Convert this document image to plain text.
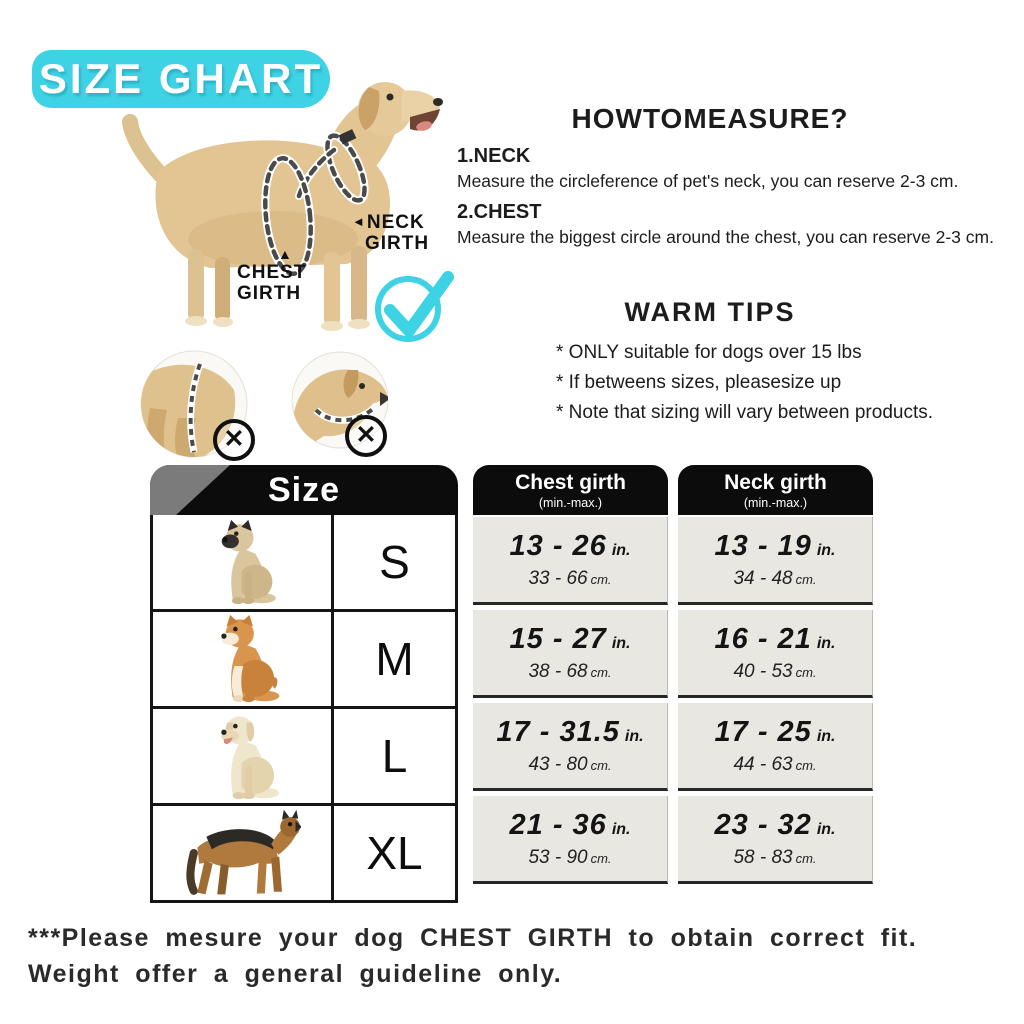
SIZE GHART
◄NECK
GIRTH
▲
CHEST
GIRTH
✕	✕
HOWTOMEASURE?
1.NECK
Measure the circleference of pet's neck, you can reserve 2-3 cm.
2.CHEST
Measure the biggest circle around the chest, you can reserve 2-3 cm.
WARM TIPS
* ONLY suitable for dogs over 15 lbs
* If betweens sizes, pleasesize up
* Note that sizing will vary between products.
Size
S
M
L
XL
Chest girth
(min.-max.)
13 - 26 in.
33 - 66 cm.
15 - 27 in.
38 - 68 cm.
17 - 31.5 in.
43 - 80 cm.
21 - 36 in.
53 - 90 cm.
Neck girth
(min.-max.)
13 - 19 in.
34 - 48 cm.
16 - 21 in.
40 - 53 cm.
17 - 25 in.
44 - 63 cm.
23 - 32 in.
58 - 83 cm.
***Please mesure your dog CHEST GIRTH to obtain correct fit.
Weight offer a general guideline only.
